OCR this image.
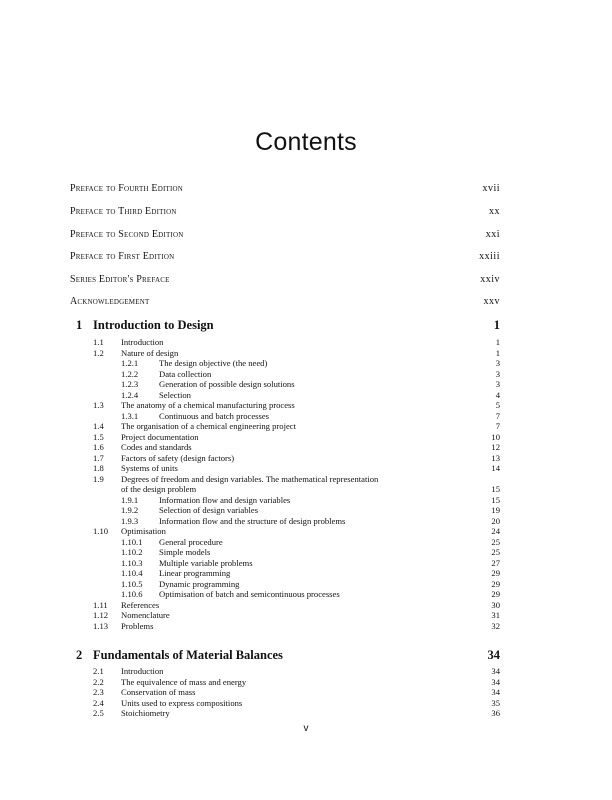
Contents
Preface to Fourth Edition	xvii
Preface to Third Edition	xx
Preface to Second Edition	xxi
Preface to First Edition	xxiii
Series Editor's Preface	xxiv
Acknowledgement	xxv
1 Introduction to Design	1
1.1 Introduction	1
1.2 Nature of design	1
1.2.1 The design objective (the need)	3
1.2.2 Data collection	3
1.2.3 Generation of possible design solutions	3
1.2.4 Selection	4
1.3 The anatomy of a chemical manufacturing process	5
1.3.1 Continuous and batch processes	7
1.4 The organisation of a chemical engineering project	7
1.5 Project documentation	10
1.6 Codes and standards	12
1.7 Factors of safety (design factors)	13
1.8 Systems of units	14
1.9 Degrees of freedom and design variables. The mathematical representation
of the design problem	15
1.9.1 Information flow and design variables	15
1.9.2 Selection of design variables	19
1.9.3 Information flow and the structure of design problems	20
1.10 Optimisation	24
1.10.1 General procedure	25
1.10.2 Simple models	25
1.10.3 Multiple variable problems	27
1.10.4 Linear programming	29
1.10.5 Dynamic programming	29
1.10.6 Optimisation of batch and semicontinuous processes	29
1.11 References	30
1.12 Nomenclature	31
1.13 Problems	32
2 Fundamentals of Material Balances	34
2.1 Introduction	34
2.2 The equivalence of mass and energy	34
2.3 Conservation of mass	34
2.4 Units used to express compositions	35
2.5 Stoichiometry	36
v
